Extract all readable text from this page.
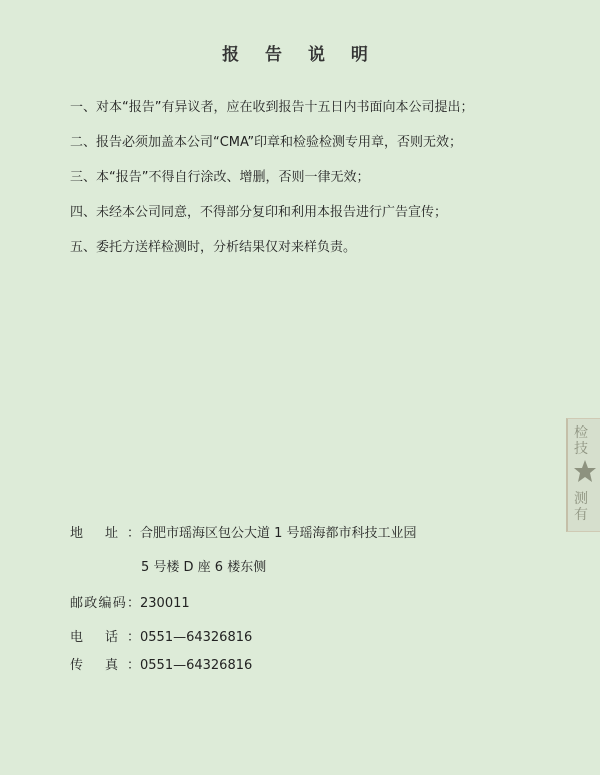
报 告 说 明
一、对本“报告”有异议者，应在收到报告十五日内书面向本公司提出；
二、报告必须加盖本公司“CMA”印章和检验检测专用章，否则无效；
三、本“报告”不得自行涂改、增删，否则一律无效；
四、未经本公司同意，不得部分复印和利用本报告进行广告宣传；
五、委托方送样检测时，分析结果仅对来样负责。
地 址：合肥市瑶海区包公大道 1 号瑶海都市科技工业园
5 号楼 D 座 6 楼东侧
邮政编码：230011
电 话：0551—64326816
传 真：0551—64326816
检技
测有
